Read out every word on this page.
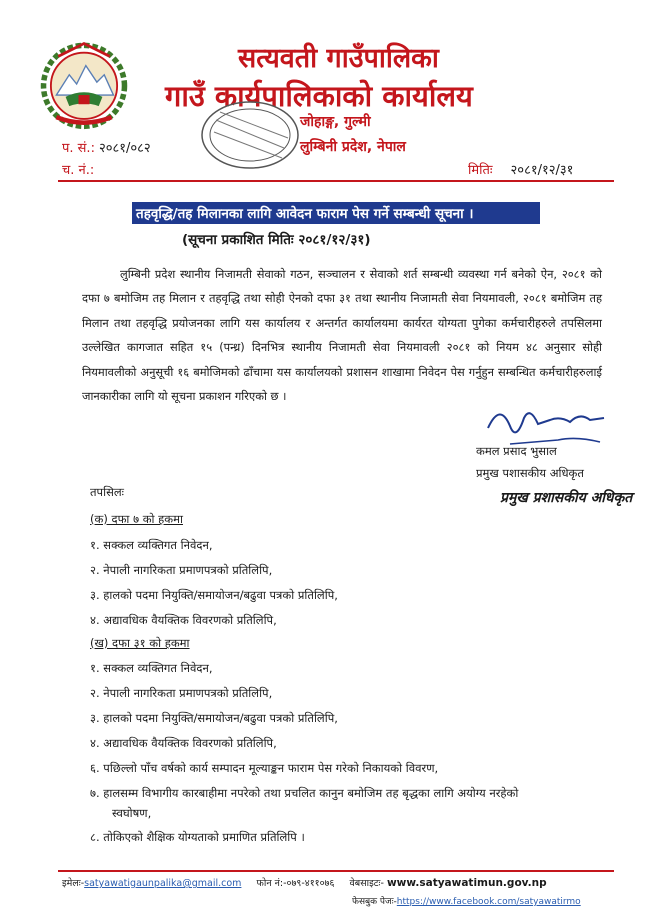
सत्यवती गाउँपालिका
गाउँ कार्यपालिकाको कार्यालय
जोहाङ्ग, गुल्मी
लुम्बिनी प्रदेश, नेपाल
प. सं.: २०८१/०८२
च. नं.:	मितिः २०८१/१२/३१
तहवृद्धि/तह मिलानका लागि आवेदन फाराम पेस गर्ने सम्बन्धी सूचना ।
(सूचना प्रकाशित मितिः २०८१/१२/३१)
लुम्बिनी प्रदेश स्थानीय निजामती सेवाको गठन, सञ्चालन र सेवाको शर्त सम्बन्धी व्यवस्था गर्न बनेको ऐन, २०८१ को दफा ७ बमोजिम तह मिलान र तहवृद्धि तथा सोही ऐनको दफा ३१ तथा स्थानीय निजामती सेवा नियमावली, २०८१ बमोजिम तह मिलान तथा तहवृद्धि प्रयोजनका लागि यस कार्यालय र अन्तर्गत कार्यालयमा कार्यरत योग्यता पुगेका कर्मचारीहरुले तपसिलमा उल्लेखित कागजात सहित १५ (पन्ध्र) दिनभित्र स्थानीय निजामती सेवा नियमावली २०८१ को नियम ४८ अनुसार सोही नियमावलीको अनुसूची १६ बमोजिमको ढाँचामा यस कार्यालयको प्रशासन शाखामा निवेदन पेस गर्नुहुन सम्बन्धित कर्मचारीहरुलाई जानकारीका लागि यो सूचना प्रकाशन गरिएको छ ।
कमल प्रसाद भुसाल
प्रमुख पशासकीय अधिकृत
प्रमुख प्रशासकीय अधिकृत
तपसिलः
(क) दफा ७ को हकमा
१. सक्कल व्यक्तिगत निवेदन,
२. नेपाली नागरिकता प्रमाणपत्रको प्रतिलिपि,
३. हालको पदमा नियुक्ति/समायोजन/बढुवा पत्रको प्रतिलिपि,
४. अद्यावधिक वैयक्तिक विवरणको प्रतिलिपि,
(ख) दफा ३१ को हकमा
१. सक्कल व्यक्तिगत निवेदन,
२. नेपाली नागरिकता प्रमाणपत्रको प्रतिलिपि,
३. हालको पदमा नियुक्ति/समायोजन/बढुवा पत्रको प्रतिलिपि,
४. अद्यावधिक वैयक्तिक विवरणको प्रतिलिपि,
६. पछिल्लो पाँच वर्षको कार्य सम्पादन मूल्याङ्कन फाराम पेस गरेको निकायको विवरण,
७. हालसम्म विभागीय कारबाहीमा नपरेको तथा प्रचलित कानुन बमोजिम तह बृद्धका लागि अयोग्य नरहेको
स्वघोषण,
८. तोकिएको शैक्षिक योग्यताको प्रमाणित प्रतिलिपि ।
इमेलः-satyawatigaunpalika@gmail.com फोन नं:-०७९-४११०७६ वेबसाइटः- www.satyawatimun.gov.np
फेसबुक पेजः-https://www.facebook.com/satyawatirmo
